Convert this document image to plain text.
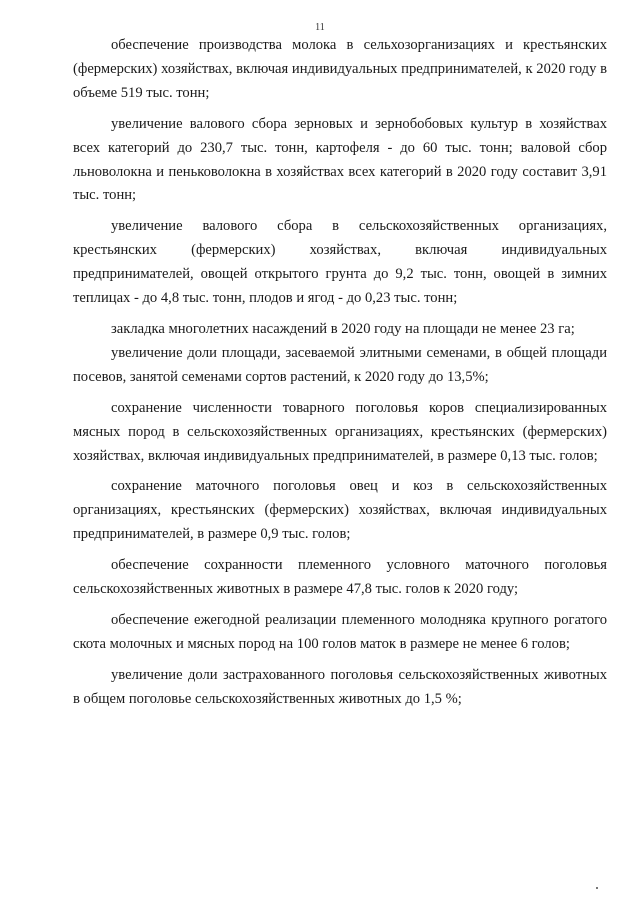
11

обеспечение производства молока в сельхозорганизациях и крестьянских (фермерских) хозяйствах, включая индивидуальных предпринимателей, к 2020 году в объеме 519 тыс. тонн;

увеличение валового сбора зерновых и зернобобовых культур в хозяйствах всех категорий до 230,7 тыс. тонн, картофеля - до 60 тыс. тонн; валовой сбор льноволокна и пеньковолокна в хозяйствах всех категорий в 2020 году составит 3,91 тыс. тонн;

увеличение валового сбора в сельскохозяйственных организациях, крестьянских (фермерских) хозяйствах, включая индивидуальных предпринимателей, овощей открытого грунта до 9,2 тыс. тонн, овощей в зимних теплицах - до 4,8 тыс. тонн, плодов и ягод - до 0,23 тыс. тонн;

закладка многолетних насаждений в 2020 году на площади не менее 23 га;

увеличение доли площади, засеваемой элитными семенами, в общей площади посевов, занятой семенами сортов растений, к 2020 году до 13,5%;

сохранение численности товарного поголовья коров специализированных мясных пород в сельскохозяйственных организациях, крестьянских (фермерских) хозяйствах, включая индивидуальных предпринимателей, в размере 0,13 тыс. голов;

сохранение маточного поголовья овец и коз в сельскохозяйственных организациях, крестьянских (фермерских) хозяйствах, включая индивидуальных предпринимателей, в размере 0,9 тыс. голов;

обеспечение сохранности племенного условного маточного поголовья сельскохозяйственных животных в размере 47,8 тыс. голов к 2020 году;

обеспечение ежегодной реализации племенного молодняка крупного рогатого скота молочных и мясных пород на 100 голов маток в размере не менее 6 голов;

увеличение доли застрахованного поголовья сельскохозяйственных животных в общем поголовье сельскохозяйственных животных до 1,5 %;
